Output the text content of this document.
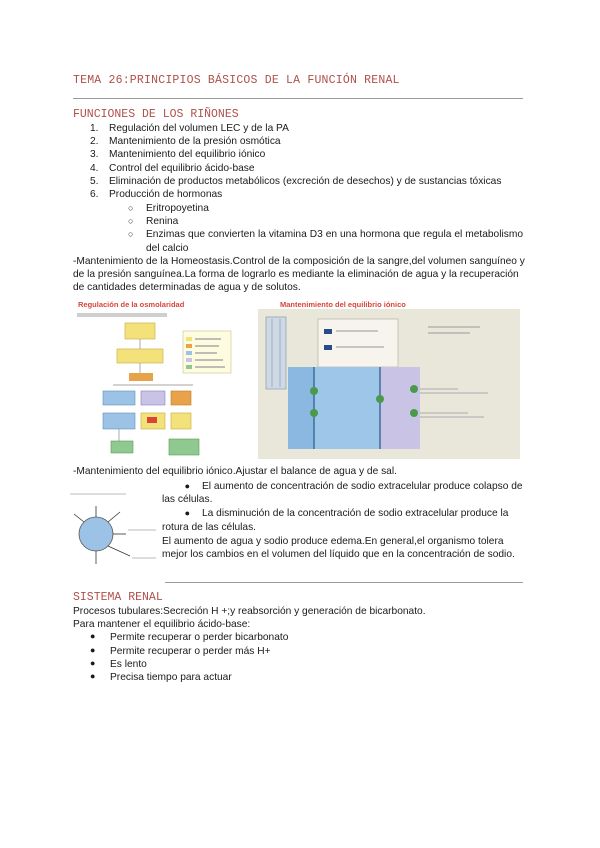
TEMA 26:PRINCIPIOS BÁSICOS DE LA FUNCIÓN RENAL
FUNCIONES DE LOS RIÑONES
1. Regulación del volumen LEC y de la PA
2. Mantenimiento de la presión osmótica
3. Mantenimiento del equilibrio iónico
4. Control del equilibrio ácido-base
5. Eliminación de productos metabólicos (excreción de desechos) y de sustancias tóxicas
6. Producción de hormonas
○ Eritropoyetina
○ Renina
○ Enzimas que convierten la vitamina D3 en una hormona que regula el metabolismo del calcio
-Mantenimiento de la Homeostasis.Control de la composición de la sangre,del volumen sanguíneo y de la presión sanguínea.La forma de lograrlo es mediante la eliminación de agua y la recuperación de cantidades determinadas de agua y de solutos.
Regulación de la osmolaridad	Mantenimiento del equilibrio iónico
-Mantenimiento del equilibrio iónico.Ajustar el balance de agua y de sal.
● El aumento de concentración de sodio extracelular produce colapso de las células.
● La disminución de la concentración de sodio extracelular produce la rotura de las células.
El aumento de agua y sodio produce edema.En general,el organismo tolera mejor los cambios en el volumen del líquido que en la concentración de sodio.
SISTEMA RENAL
Procesos tubulares:Secreción H +;y reabsorción y generación de bicarbonato.
Para mantener el equilibrio ácido-base:
● Permite recuperar o perder bicarbonato
● Permite recuperar o perder más H+
● Es lento
● Precisa tiempo para actuar
